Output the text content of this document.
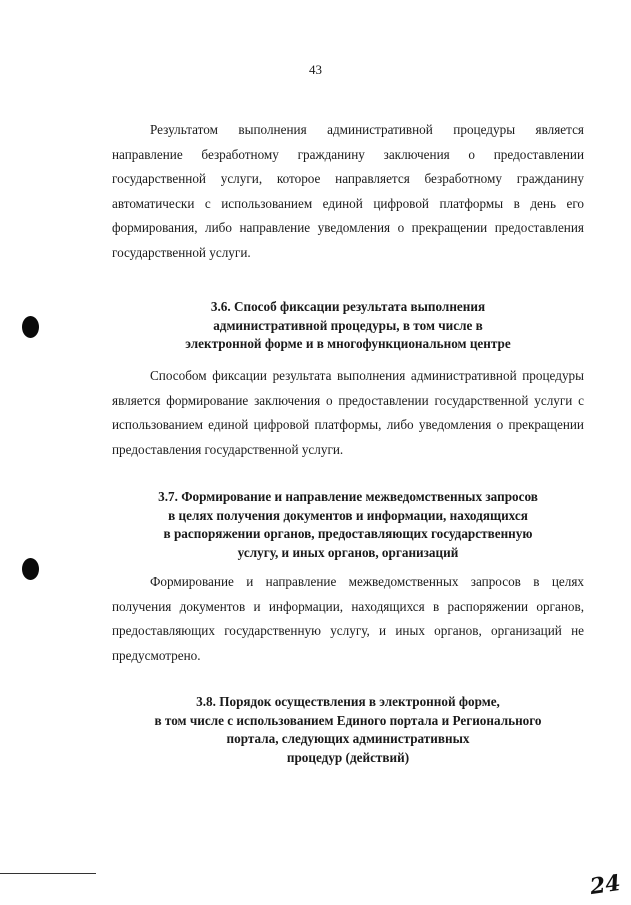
43

Результатом выполнения административной процедуры является направление безработному гражданину заключения о предоставлении государственной услуги, которое направляется безработному гражданину автоматически с использованием единой цифровой платформы в день его формирования, либо направление уведомления о прекращении предоставления государственной услуги.

3.6. Способ фиксации результата выполнения
административной процедуры, в том числе в
электронной форме и в многофункциональном центре

Способом фиксации результата выполнения административной процедуры является формирование заключения о предоставлении государственной услуги с использованием единой цифровой платформы, либо уведомления о прекращении предоставления государственной услуги.

3.7. Формирование и направление межведомственных запросов
в целях получения документов и информации, находящихся
в распоряжении органов, предоставляющих государственную
услугу, и иных органов, организаций

Формирование и направление межведомственных запросов в целях получения документов и информации, находящихся в распоряжении органов, предоставляющих государственную услугу, и иных органов, организаций не предусмотрено.

3.8. Порядок осуществления в электронной форме,
в том числе с использованием Единого портала и Регионального
портала, следующих административных
процедур (действий)
24
